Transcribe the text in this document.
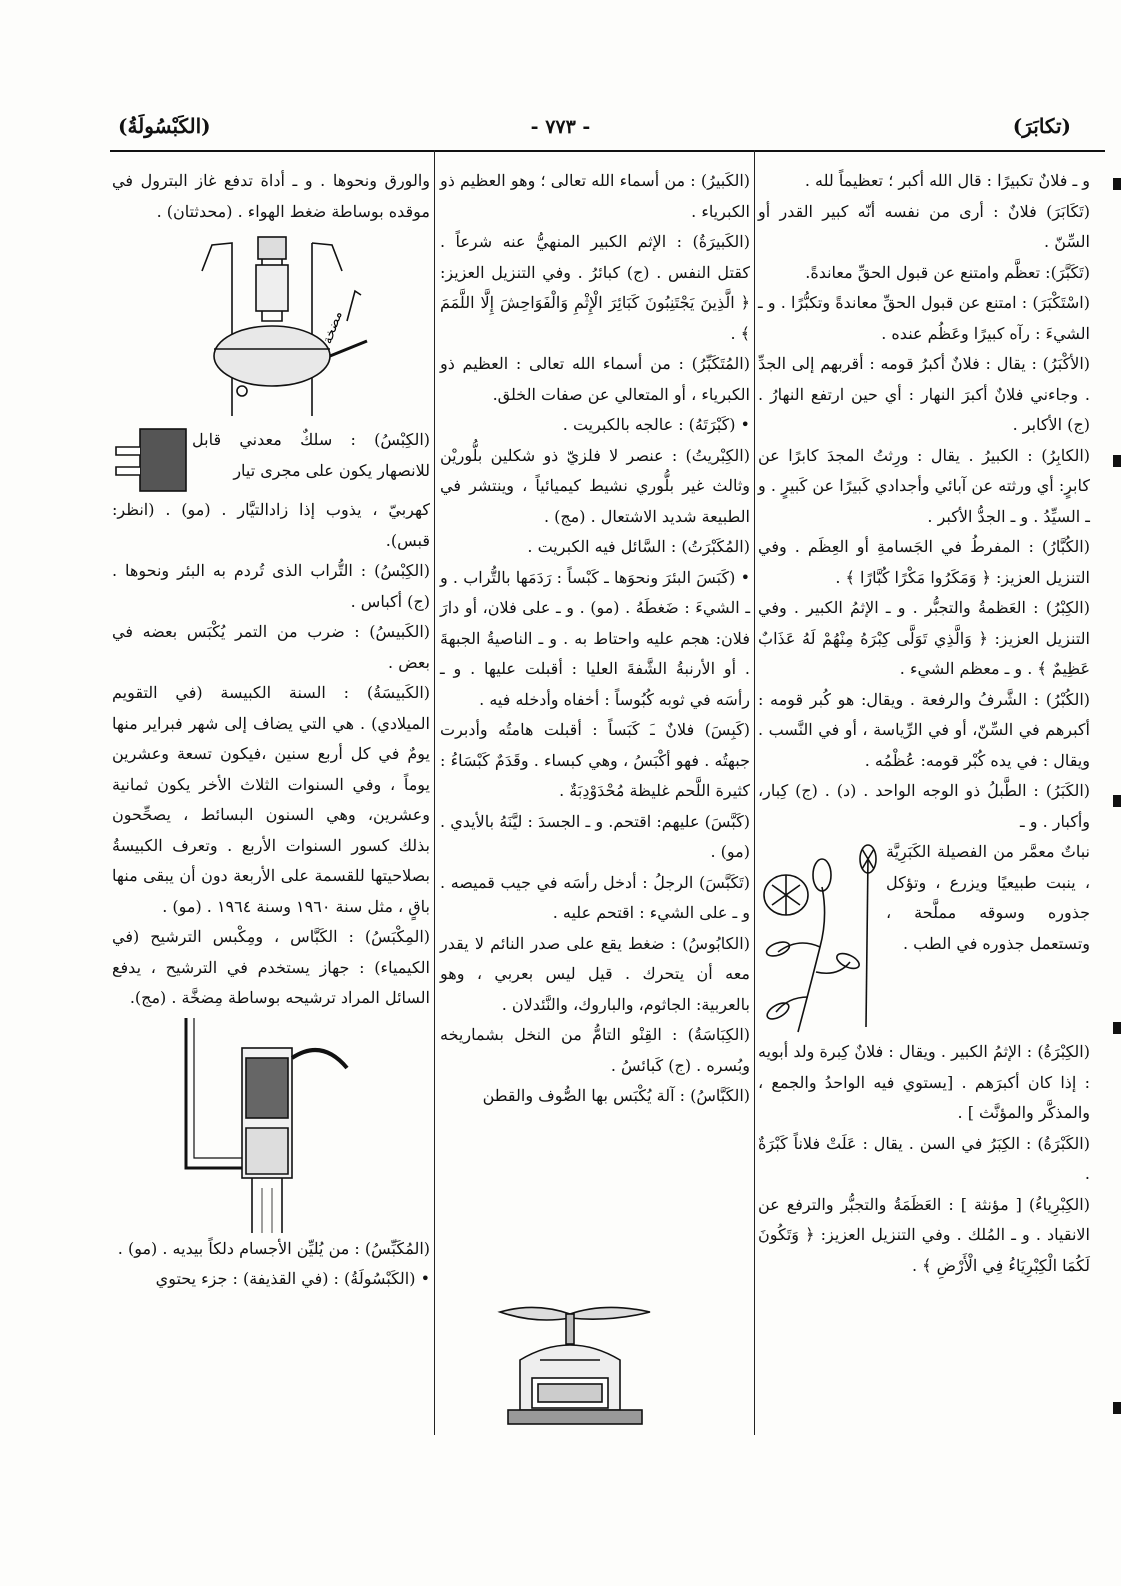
(تكابَرَ)
- ٧٧٣ -
(الكَبْسُولَةُ)

و ـ فلانٌ تكبيرًا : قال الله أكبر ؛ تعظيماً لله .

(تَكَابَرَ) فلانٌ : أرى من نفسه أنّه كبير القدر أو السِّنّ .

(تَكَبَّرَ): تعظَّم وامتنع عن قبول الحقِّ معاندةً.

(اسْتَكْبَرَ) : امتنع عن قبول الحقِّ معاندةً وتكبُّرًا . و ـ الشيءَ : رآه كبيرًا وعَظُم عنده .

(الأكْبَرُ) : يقال : فلانٌ أكبرُ قومه : أقربهم إلى الجدِّ . وجاءني فلانٌ أكبرَ النهار : أي حين ارتفع النهارُ . (ج) الأكابر .

(الكابِرُ) : الكبيرُ . يقال : ورِثتُ المجدَ كابرًا عن كابرٍ: أي ورثته عن آبائي وأجدادي كَبيرًا عن كَبيرٍ . و ـ السيِّدُ . و ـ الجدُّ الأكبر .

(الكُبَّارُ) : المفرطُ في الجَسامةِ أو العِظَم . وفي التنزيل العزيز: ﴿ وَمَكَرُوا مَكْرًا كُبَّارًا ﴾ .

(الكِبْرُ) : العَظمةُ والتجبُّر . و ـ الإثمُ الكبير . وفي التنزيل العزيز: ﴿ وَالَّذِي تَوَلَّى كِبْرَهُ مِنْهُمْ لَهُ عَذَابٌ عَظِيمٌ ﴾ . و ـ معظم الشيء .

(الكُبْرُ) : الشَّرفُ والرفعة . ويقال: هو كُبر قومه : أكبرهم في السِّنّ، أو في الرِّياسة ، أو في النَّسب . ويقال : في يده كُبْر قومه: عُظْمُه .

(الكَبَرُ) : الطَّبلُ ذو الوجه الواحد . (د) . (ج) كِبار، وأكبار . و ـ

نباتٌ معمَّر من الفصيلة الكَبَرِيَّة ، ينبت طبيعيًا ويزرع ، وتؤكل جذوره وسوقه مملَّحة ، وتستعمل جذوره في الطب .

(الكِبْرَةُ) : الإثمُ الكبير . ويقال : فلانٌ كِبرة ولد أبويه : إذا كان أكبرَهم . [يستوي فيه الواحدُ والجمع ، والمذكَّر والمؤنَّث ] .

(الكَبْرَةُ) : الكِبَرُ في السن . يقال : عَلَتْ فلاناً كَبْرَةٌ .

(الكِبْرِياءُ) [ مؤنثة ] : العَظَمَةُ والتجبُّر والترفع عن الانقياد . و ـ المُلك . وفي التنزيل العزيز: ﴿ وَتَكُونَ لَكُمَا الْكِبْرِيَاءُ فِي الْأَرْضِ ﴾ .

(الكَبيرُ) : من أسماء الله تعالى ؛ وهو العظيم ذو الكبرياء .

(الكَبيرَةُ) : الإثم الكبير المنهيُّ عنه شرعاً . كقتل النفس . (ج) كبائرُ . وفي التنزيل العزيز: ﴿ الَّذِينَ يَجْتَنِبُونَ كَبَائِرَ الْإِثْمِ وَالْفَوَاحِشَ إِلَّا اللَّمَمَ ﴾ .

(المُتَكَبِّرُ) : من أسماء الله تعالى : العظيم ذو الكبرياء ، أو المتعالي عن صفات الخلق.

• (كَبْرَتَهُ) : عالجه بالكبريت .

(الكِبْريتُ) : عنصر لا فلزيّ ذو شكلين بلُّوريْن وثالث غير بلُّوري نشيط كيميائياً ، وينتشر في الطبيعة شديد الاشتعال . (مج) .

(المُكَبْرَتُ) : السَّائل فيه الكبريت .

• (كَبَسَ البئرَ ونحوَها ـ كَبْساً : رَدَمَها بالتُّراب . و ـ الشيءَ : ضَغطَهُ . (مو) . و ـ على فلان، أو دارَ فلان: هجم عليه واحتاط به . و ـ الناصيةُ الجبهةَ . أو الأرنبةُ الشَّفةَ العليا : أقبلت عليها . و ـ رأسَه في ثوبه كُبُوساً : أخفاه وأدخله فيه .

(كَبِسَ) فلانٌ ـَ كَبَساً : أقبلت هامتُه وأدبرت جبهتُه . فهو أكْبَسُ ، وهي كبساء . وقَدَمٌ كَبْسَاءُ : كثيرة اللَّحم غليظة مُحْدَوْدِبَةٌ .

(كَبَّسَ) عليهم: اقتحم. و ـ الجسدَ : ليَّنَهُ بالأيدي . (مو) .

(تَكَبَّسَ) الرجلُ : أدخل رأسَه في جيب قميصه . و ـ على الشيء : اقتحم عليه .

(الكابُوسُ) : ضغط يقع على صدر النائم لا يقدر معه أن يتحرك . قيل ليس بعربي ، وهو بالعربية: الجاثوم، والباروك، والنَّئدلان .

(الكِبَاسَةُ) : القِنْو التامُّ من النخل بشماريخه وبُسره . (ج) كَبائسُ .

(الكَبَّاسُ) : آلة يُكْبَس بها الصُّوف والقطن

والورق ونحوها . و ـ أداة تدفع غاز البترول في موقده بوساطة ضغط الهواء . (محدثتان) .

مضخة

(الكِبْسُ) : سلكٌ معدني قابل للانصهار يكون على مجرى تيار

كهربيّ ، يذوب إذا زادالتيَّار . (مو) . (انظر: قبس).

(الكِبْسُ) : التُّراب الذى تُردم به البئر ونحوها . (ج) أكباس .

(الكَبيسُ) : ضرب من التمر يُكْبَس بعضه في بعض .

(الكَبيسَةُ) : السنة الكبيسة (في التقويم الميلادي) . هي التي يضاف إلى شهر فبراير منها يومٌ في كل أربع سنين ،فيكون تسعة وعشرين يوماً ، وفي السنوات الثلاث الأخر يكون ثمانية وعشرين، وهي السنون البسائط ، يصحِّحون بذلك كسور السنوات الأربع . وتعرف الكبيسةُ بصلاحيتها للقسمة على الأربعة دون أن يبقى منها باقٍ ، مثل سنة ١٩٦٠ وسنة ١٩٦٤ . (مو) .

(المِكْبَسُ) : الكَبَّاس ، ومِكْبس الترشيح (في الكيمياء) : جهاز يستخدم في الترشيح ، يدفع السائل المراد ترشيحه بوساطة مِضخَّة . (مج).

(المُكَبِّسُ) : من يُليِّن الأجسام دلكاً بيديه . (مو) .

• (الكَبْسُولَةُ) : (في القذيفة) : جزء يحتوي
